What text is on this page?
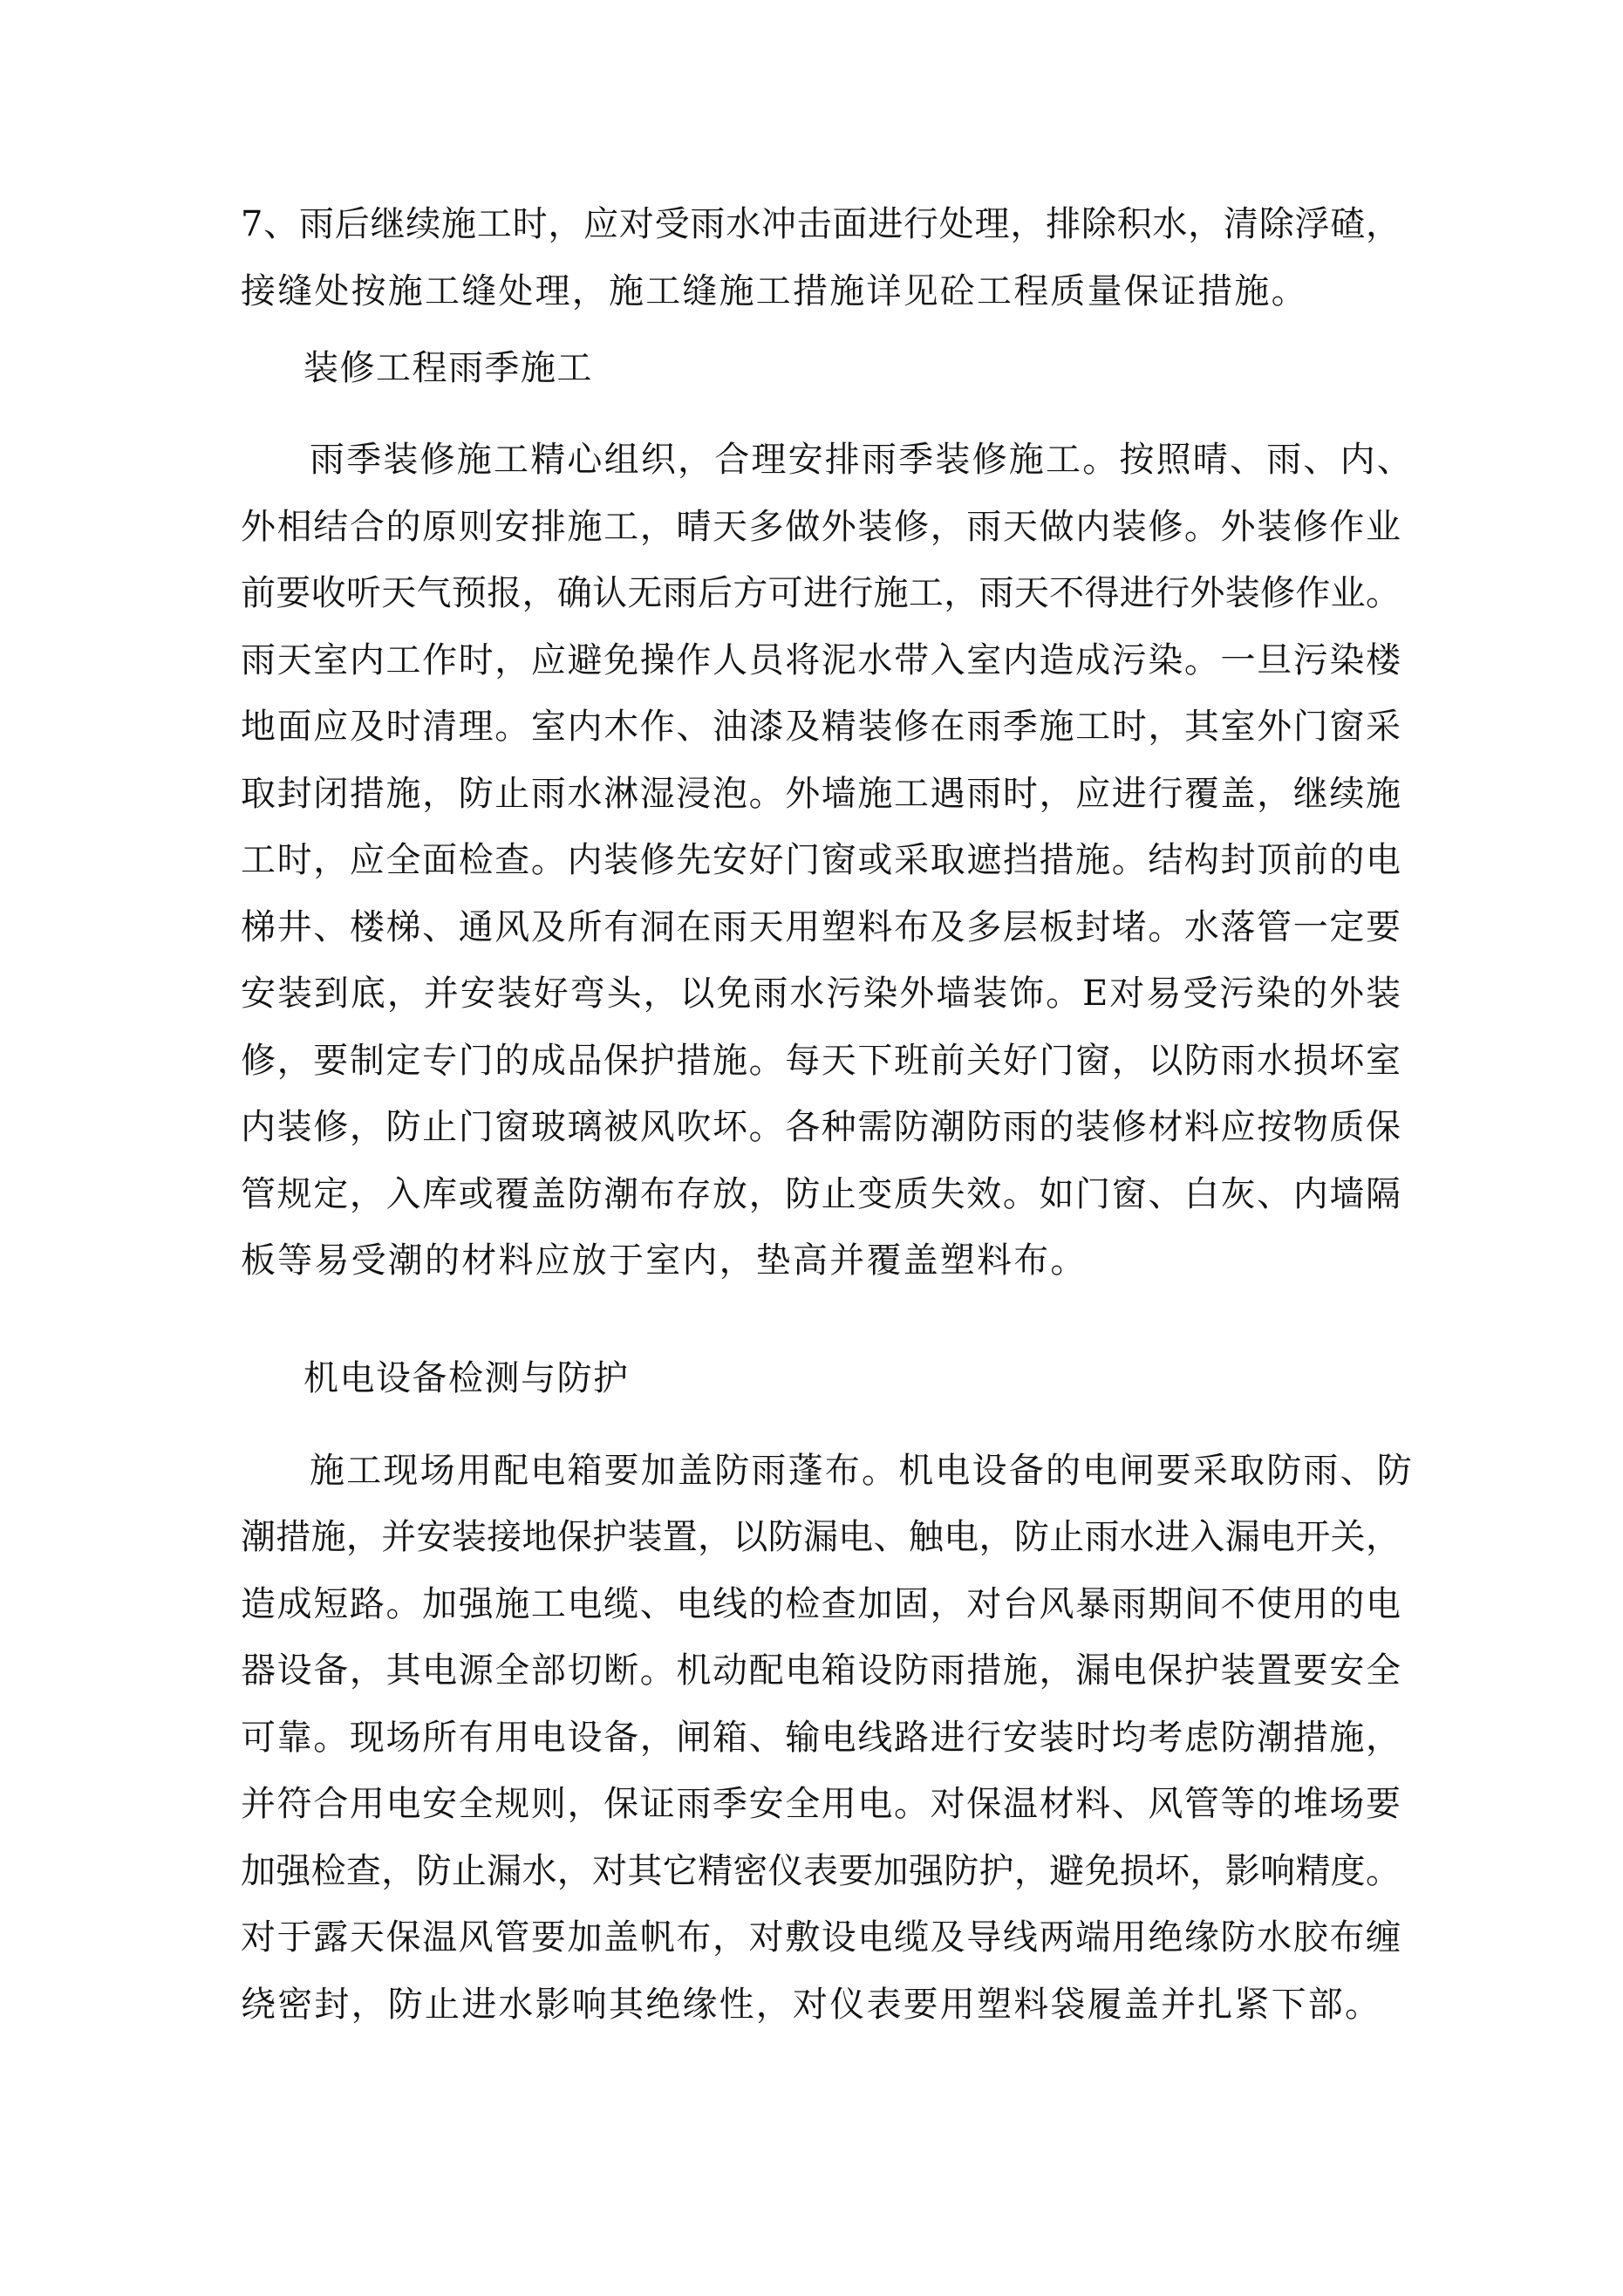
7、雨后继续施工时，应对受雨水冲击面进行处理，排除积水，清除浮碴，
接缝处按施工缝处理，施工缝施工措施详见砼工程质量保证措施。
装修工程雨季施工
雨季装修施工精心组织，合理安排雨季装修施工。按照晴、雨、内、
外相结合的原则安排施工，晴天多做外装修，雨天做内装修。外装修作业
前要收听天气预报，确认无雨后方可进行施工，雨天不得进行外装修作业。
雨天室内工作时，应避免操作人员将泥水带入室内造成污染。一旦污染楼
地面应及时清理。室内木作、油漆及精装修在雨季施工时，其室外门窗采
取封闭措施，防止雨水淋湿浸泡。外墙施工遇雨时，应进行覆盖，继续施
工时，应全面检查。内装修先安好门窗或采取遮挡措施。结构封顶前的电
梯井、楼梯、通风及所有洞在雨天用塑料布及多层板封堵。水落管一定要
安装到底，并安装好弯头，以免雨水污染外墙装饰。E对易受污染的外装
修，要制定专门的成品保护措施。每天下班前关好门窗，以防雨水损坏室
内装修，防止门窗玻璃被风吹坏。各种需防潮防雨的装修材料应按物质保
管规定，入库或覆盖防潮布存放，防止变质失效。如门窗、白灰、内墙隔
板等易受潮的材料应放于室内，垫高并覆盖塑料布。
机电设备检测与防护
施工现场用配电箱要加盖防雨蓬布。机电设备的电闸要采取防雨、防
潮措施，并安装接地保护装置，以防漏电、触电，防止雨水进入漏电开关，
造成短路。加强施工电缆、电线的检查加固，对台风暴雨期间不使用的电
器设备，其电源全部切断。机动配电箱设防雨措施，漏电保护装置要安全
可靠。现场所有用电设备，闸箱、输电线路进行安装时均考虑防潮措施，
并符合用电安全规则，保证雨季安全用电。对保温材料、风管等的堆场要
加强检查，防止漏水，对其它精密仪表要加强防护，避免损坏，影响精度。
对于露天保温风管要加盖帆布，对敷设电缆及导线两端用绝缘防水胶布缠
绕密封，防止进水影响其绝缘性，对仪表要用塑料袋履盖并扎紧下部。
